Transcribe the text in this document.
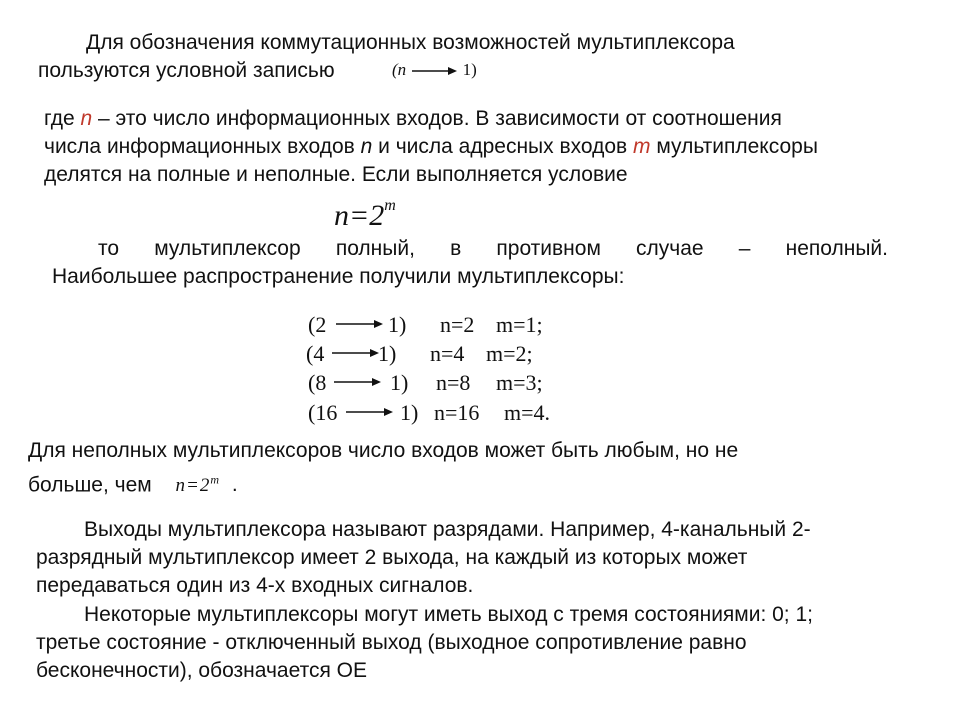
Для обозначения коммутационных возможностей мультиплексора
пользуются условной записью	(n	1)
где n – это число информационных входов. В зависимости от соотношения
числа информационных входов n и числа адресных входов m мультиплексоры
делятся на полные и неполные. Если выполняется условие
$n=2^m$
то мультиплексор полный, в противном случае – неполный.
Наибольшее распространение получили мультиплексоры:
(2	1) n=2 m=1;
(4 1) n=4 m=2;
(8	1) n=8 m=3;
(16	1) n=16 m=4.
Для неполных мультиплексоров число входов может быть любым, но не
больше, чем $n=2^m$ .
Выходы мультиплексора называют разрядами. Например, 4-канальный 2-
разрядный мультиплексор имеет 2 выхода, на каждый из которых может
передаваться один из 4-х входных сигналов.
Некоторые мультиплексоры могут иметь выход с тремя состояниями: 0; 1;
третье состояние - отключенный выход (выходное сопротивление равно
бесконечности), обозначается ОЕ
